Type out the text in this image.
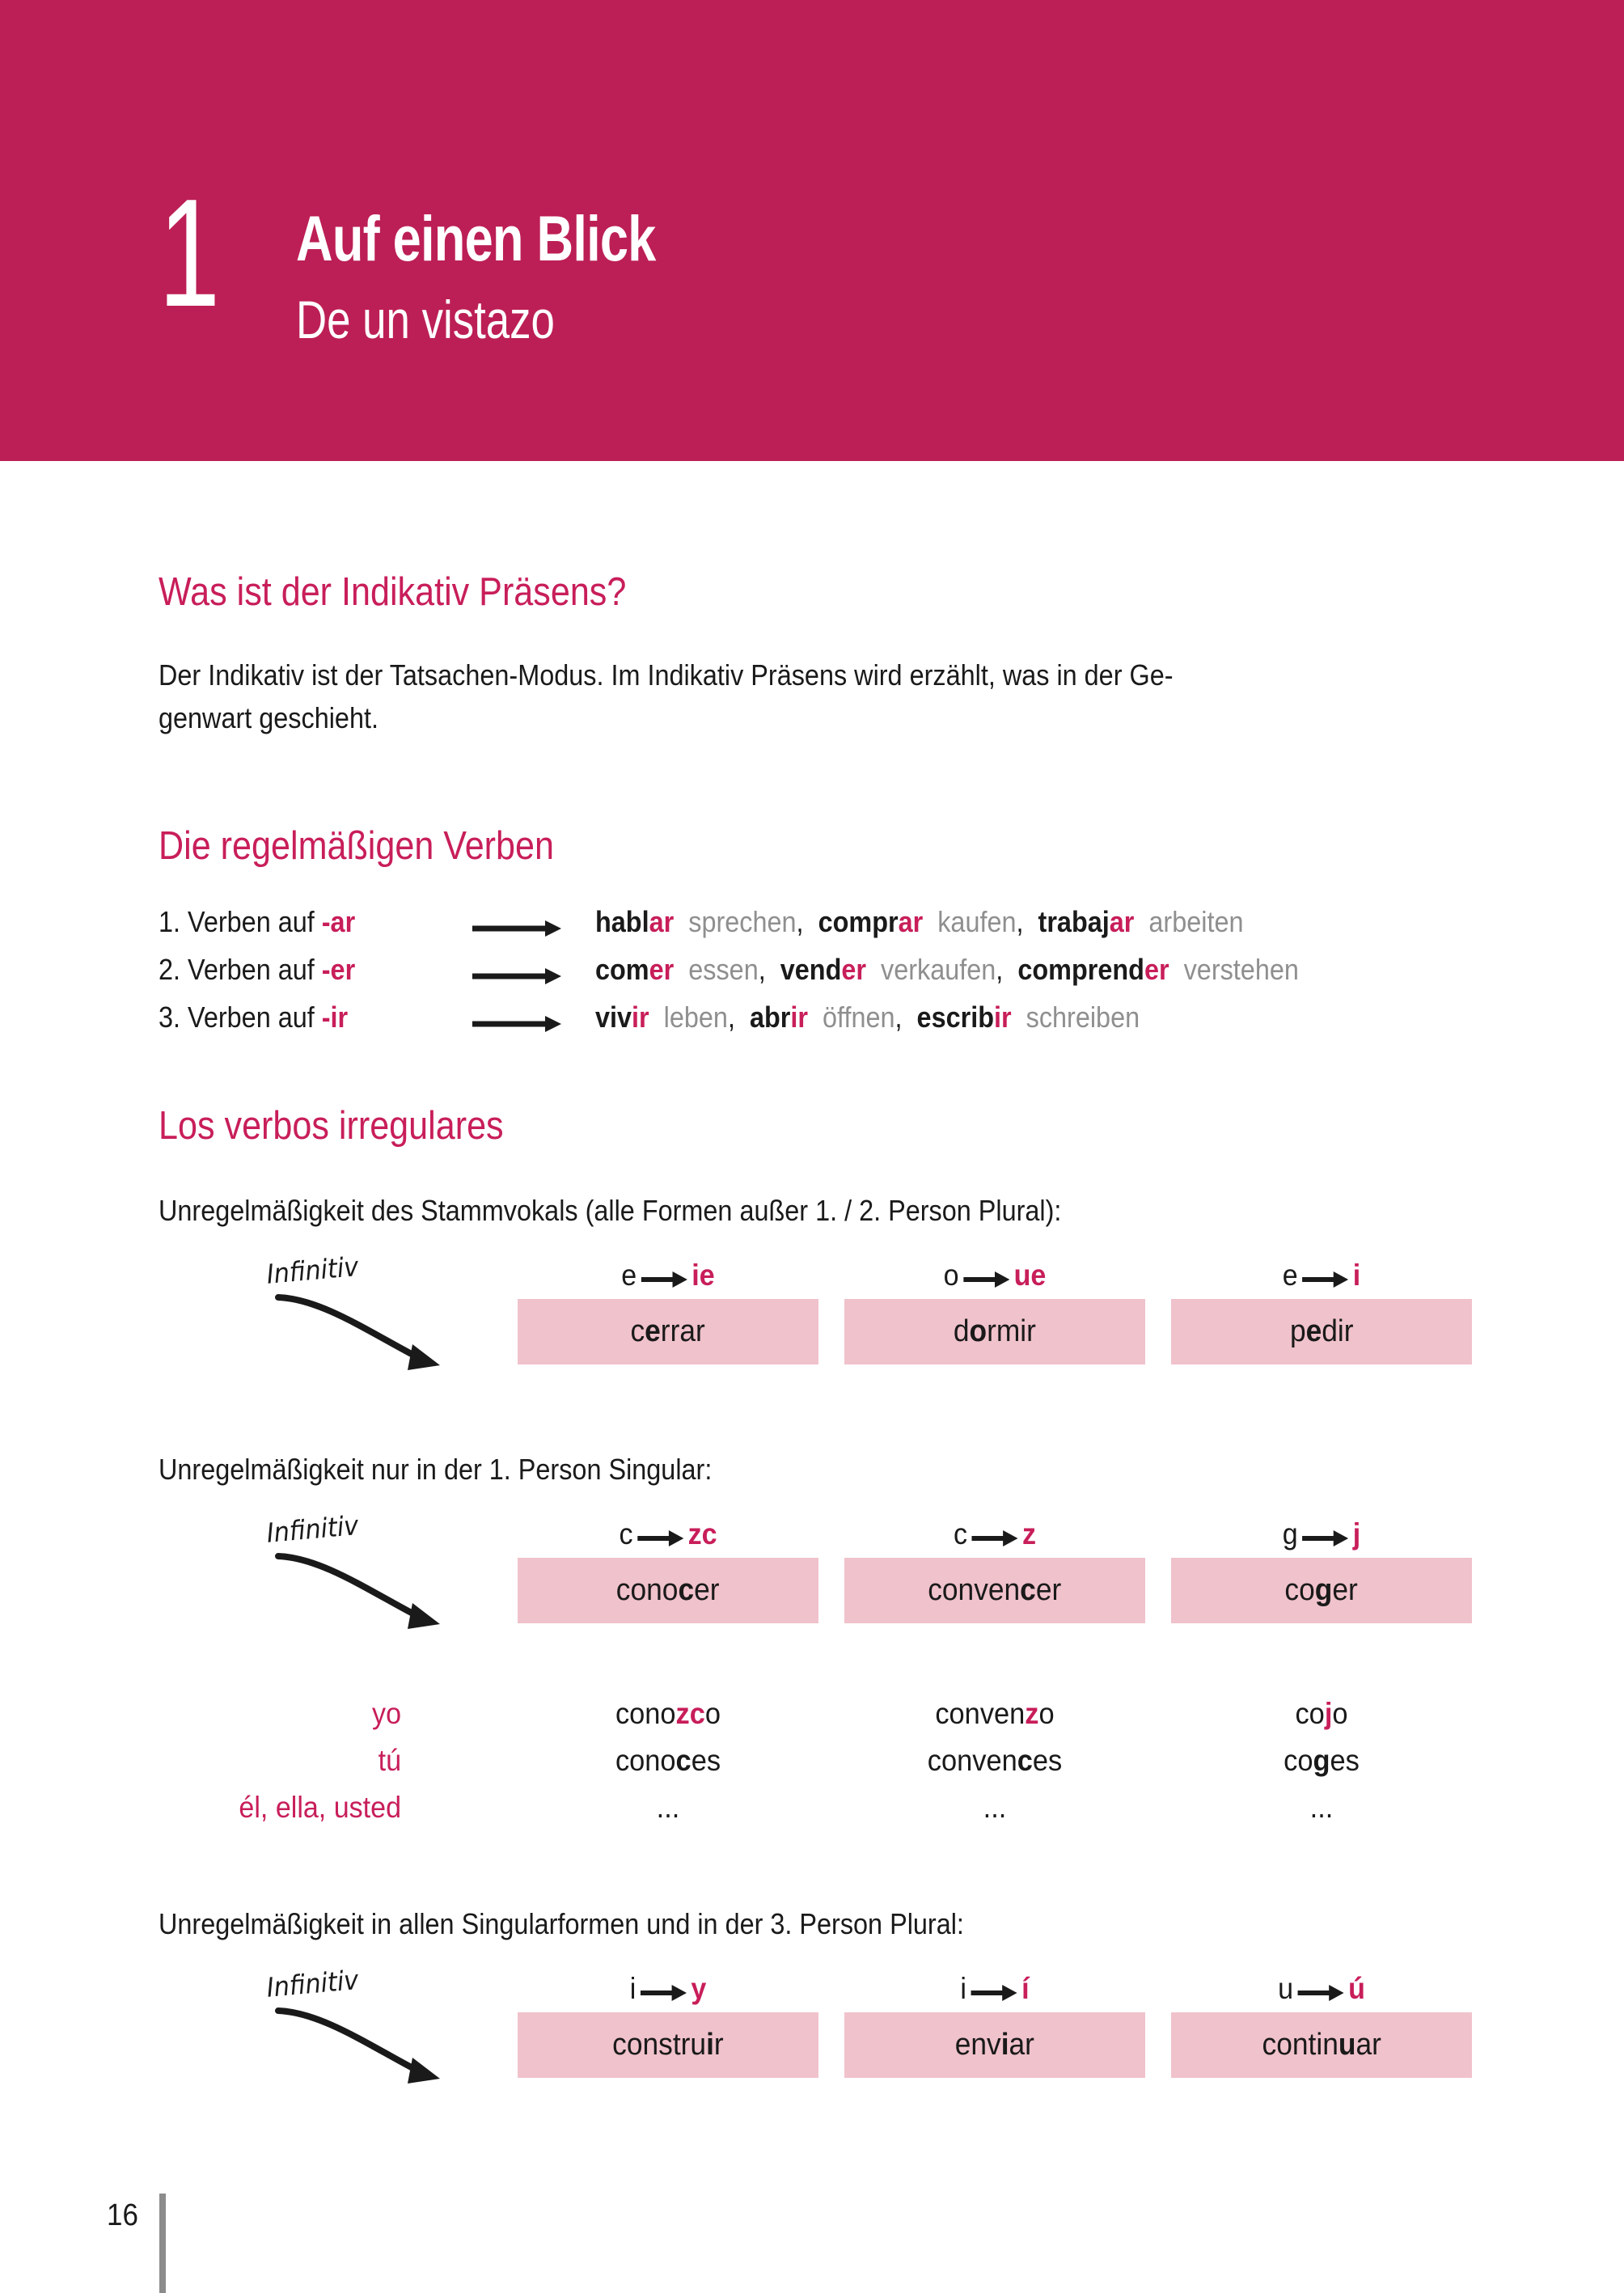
1 Auf einen Blick
De un vistazo
Was ist der Indikativ Präsens?
Der Indikativ ist der Tatsachen-Modus. Im Indikativ Präsens wird erzählt, was in der Ge-
genwart geschieht.
Die regelmäßigen Verben
1. Verben auf -ar	hablar  sprechen,  comprar  kaufen,  trabajar  arbeiten
2. Verben auf -er	comer  essen,  vender  verkaufen,  comprender  verstehen
3. Verben auf -ir	vivir  leben,  abrir  öffnen,  escribir  schreiben
Los verbos irregulares
Unregelmäßigkeit des Stammvokals (alle Formen außer 1. / 2. Person Plural):
Infinitiv	e ie
cerrar
o ue
dormir
e i
pedir
Unregelmäßigkeit nur in der 1. Person Singular:
Infinitiv	c zc
conocer
c z
convencer
g j
coger
yo	conozco	convenzo	cojo
tú	conoces	convences	coges
él, ella, usted	...	...	...
Unregelmäßigkeit in allen Singularformen und in der 3. Person Plural:
Infinitiv	i y
construir
i í
enviar
u ú
continuar
16
